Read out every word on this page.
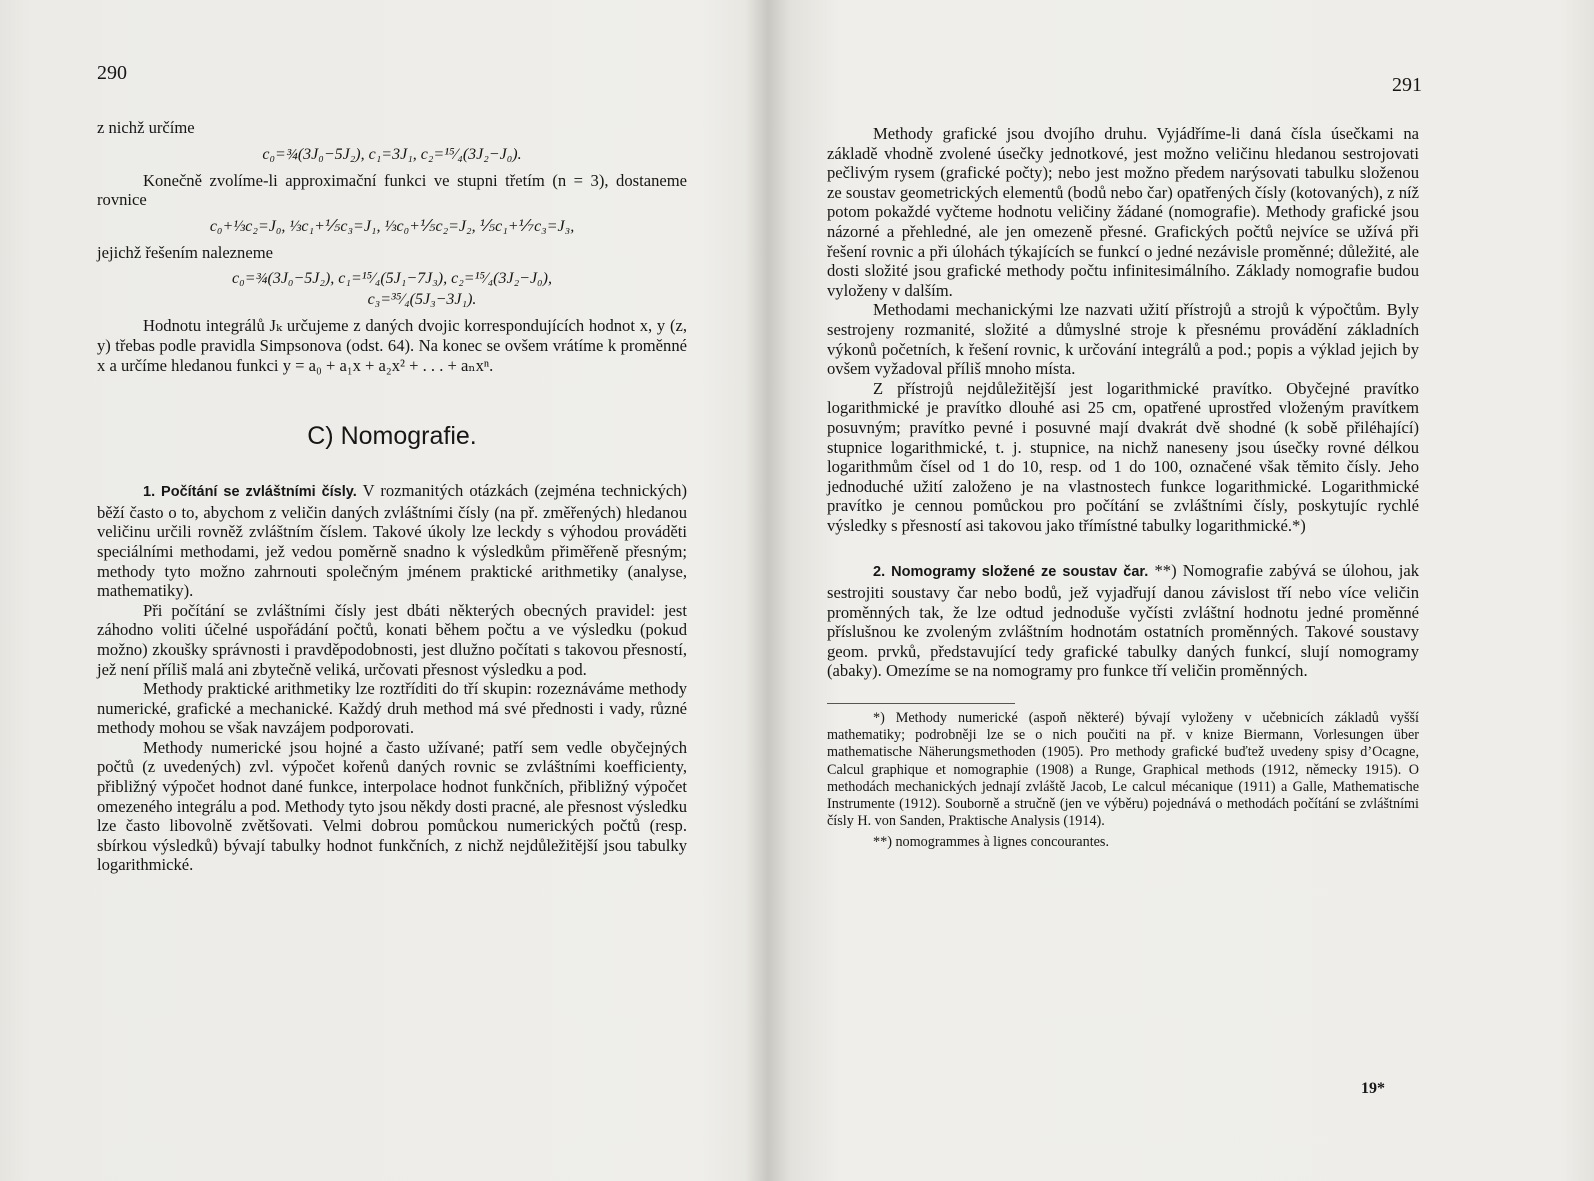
290

z nichž určíme

c₀=¾(3J₀−5J₂), c₁=3J₁, c₂=¹⁵⁄₄(3J₂−J₀).

Konečně zvolíme-li approximační funkci ve stupni třetím (n = 3), dostaneme rovnice

c₀+⅓c₂=J₀, ⅓c₁+⅕c₃=J₁, ⅓c₀+⅕c₂=J₂, ⅕c₁+⅐c₃=J₃,

jejichž řešením nalezneme

c₀=¾(3J₀−5J₂), c₁=¹⁵⁄₄(5J₁−7J₃), c₂=¹⁵⁄₄(3J₂−J₀),
c₃=³⁵⁄₄(5J₃−3J₁).

Hodnotu integrálů Jₖ určujeme z daných dvojic korrespondujících hodnot x, y (z, y) třebas podle pravidla Simpsonova (odst. 64). Na konec se ovšem vrátíme k proměnné x a určíme hledanou funkci y = a₀ + a₁x + a₂x² + . . . + aₙxⁿ.

C) Nomografie.

1. Počítání se zvláštními čísly. V rozmanitých otázkách (zejména technických) běží často o to, abychom z veličin daných zvláštními čísly (na př. změřených) hledanou veličinu určili rovněž zvláštním číslem. Takové úkoly lze leckdy s výhodou prováděti speciálními methodami, jež vedou poměrně snadno k výsledkům přiměřeně přesným; methody tyto možno zahrnouti společným jménem praktické arithmetiky (analyse, mathematiky).

Při počítání se zvláštními čísly jest dbáti některých obecných pravidel: jest záhodno voliti účelné uspořádání počtů, konati během počtu a ve výsledku (pokud možno) zkoušky správnosti i pravděpodobnosti, jest dlužno počítati s takovou přesností, jež není příliš malá ani zbytečně veliká, určovati přesnost výsledku a pod.

Methody praktické arithmetiky lze roztříditi do tří skupin: rozeznáváme methody numerické, grafické a mechanické. Každý druh method má své přednosti i vady, různé methody mohou se však navzájem podporovati.

Methody numerické jsou hojné a často užívané; patří sem vedle obyčejných počtů (z uvedených) zvl. výpočet kořenů daných rovnic se zvláštními koefficienty, přibližný výpočet hodnot dané funkce, interpolace hodnot funkčních, přibližný výpočet omezeného integrálu a pod. Methody tyto jsou někdy dosti pracné, ale přesnost výsledku lze často libovolně zvětšovati. Velmi dobrou pomůckou numerických počtů (resp. sbírkou výsledků) bývají tabulky hodnot funkčních, z nichž nejdůležitější jsou tabulky logarithmické.

291

Methody grafické jsou dvojího druhu. Vyjádříme-li daná čísla úsečkami na základě vhodně zvolené úsečky jednotkové, jest možno veličinu hledanou sestrojovati pečlivým rysem (grafické počty); nebo jest možno předem narýsovati tabulku složenou ze soustav geometrických elementů (bodů nebo čar) opatřených čísly (kotovaných), z níž potom pokaždé vyčteme hodnotu veličiny žádané (nomografie). Methody grafické jsou názorné a přehledné, ale jen omezeně přesné. Grafických počtů nejvíce se užívá při řešení rovnic a při úlohách týkajících se funkcí o jedné nezávisle proměnné; důležité, ale dosti složité jsou grafické methody počtu infinitesimálního. Základy nomografie budou vyloženy v dalším.

Methodami mechanickými lze nazvati užití přístrojů a strojů k výpočtům. Byly sestrojeny rozmanité, složité a důmyslné stroje k přesnému provádění základních výkonů početních, k řešení rovnic, k určování integrálů a pod.; popis a výklad jejich by ovšem vyžadoval příliš mnoho místa.

Z přístrojů nejdůležitější jest logarithmické pravítko. Obyčejné pravítko logarithmické je pravítko dlouhé asi 25 cm, opatřené uprostřed vloženým pravítkem posuvným; pravítko pevné i posuvné mají dvakrát dvě shodné (k sobě přiléhající) stupnice logarithmické, t. j. stupnice, na nichž naneseny jsou úsečky rovné délkou logarithmům čísel od 1 do 10, resp. od 1 do 100, označené však těmito čísly. Jeho jednoduché užití založeno je na vlastnostech funkce logarithmické. Logarithmické pravítko je cennou pomůckou pro počítání se zvláštními čísly, poskytujíc rychlé výsledky s přesností asi takovou jako třímístné tabulky logarithmické.*)

2. Nomogramy složené ze soustav čar. **) Nomografie zabývá se úlohou, jak sestrojiti soustavy čar nebo bodů, jež vyjadřují danou závislost tří nebo více veličin proměnných tak, že lze odtud jednoduše vyčísti zvláštní hodnotu jedné proměnné příslušnou ke zvoleným zvláštním hodnotám ostatních proměnných. Takové soustavy geom. prvků, představující tedy grafické tabulky daných funkcí, slují nomogramy (abaky). Omezíme se na nomogramy pro funkce tří veličin proměnných.

*) Methody numerické (aspoň některé) bývají vyloženy v učebnicích základů vyšší mathematiky; podrobněji lze se o nich poučiti na př. v knize Biermann, Vorlesungen über mathematische Näherungsmethoden (1905). Pro methody grafické buďtež uvedeny spisy d’Ocagne, Calcul graphique et nomographie (1908) a Runge, Graphical methods (1912, německy 1915). O methodách mechanických jednají zvláště Jacob, Le calcul mécanique (1911) a Galle, Mathematische Instrumente (1912). Souborně a stručně (jen ve výběru) pojednává o methodách počítání se zvláštními čísly H. von Sanden, Praktische Analysis (1914).

**) nomogrammes à lignes concourantes.

19*
